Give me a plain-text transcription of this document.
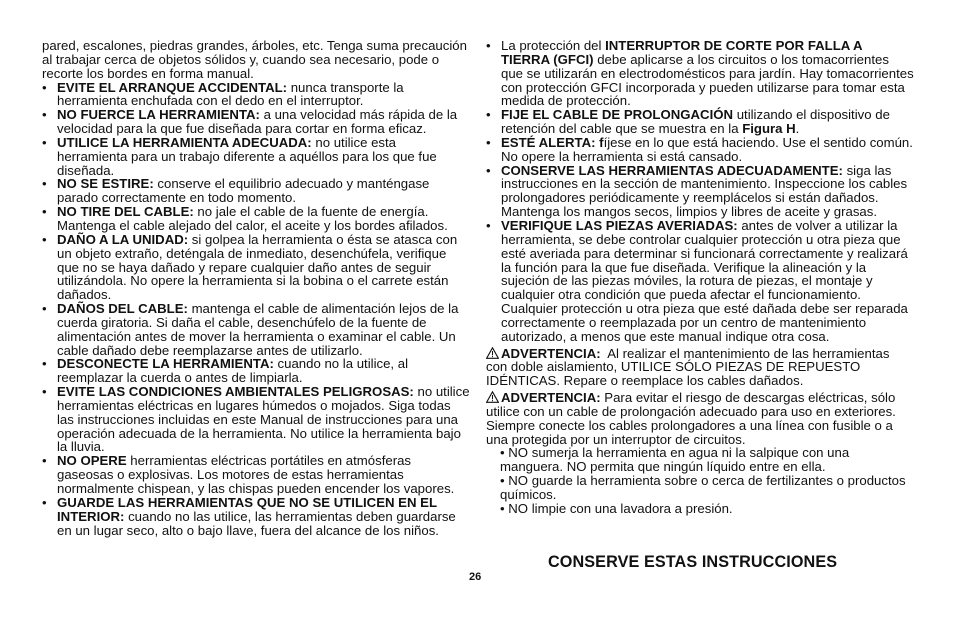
pared, escalones, piedras grandes, árboles, etc. Tenga suma precaución al trabajar cerca de objetos sólidos y, cuando sea necesario, pode o recorte los bordes en forma manual.

• EVITE EL ARRANQUE ACCIDENTAL: nunca transporte la herramienta enchufada con el dedo en el interruptor.
• NO FUERCE LA HERRAMIENTA: a una velocidad más rápida de la velocidad para la que fue diseñada para cortar en forma eficaz.
• UTILICE LA HERRAMIENTA ADECUADA: no utilice esta herramienta para un trabajo diferente a aquéllos para los que fue diseñada.
• NO SE ESTIRE: conserve el equilibrio adecuado y manténgase parado correctamente en todo momento.
• NO TIRE DEL CABLE: no jale el cable de la fuente de energía. Mantenga el cable alejado del calor, el aceite y los bordes afilados.
• DAÑO A LA UNIDAD: si golpea la herramienta o ésta se atasca con un objeto extraño, deténgala de inmediato, desenchúfela, verifique que no se haya dañado y repare cualquier daño antes de seguir utilizándola. No opere la herramienta si la bobina o el carrete están dañados.
• DAÑOS DEL CABLE: mantenga el cable de alimentación lejos de la cuerda giratoria. Si daña el cable, desenchúfelo de la fuente de alimentación antes de mover la herramienta o examinar el cable. Un cable dañado debe reemplazarse antes de utilizarlo.
• DESCONECTE LA HERRAMIENTA: cuando no la utilice, al reemplazar la cuerda o antes de limpiarla.
• EVITE LAS CONDICIONES AMBIENTALES PELIGROSAS: no utilice herramientas eléctricas en lugares húmedos o mojados. Siga todas las instrucciones incluidas en este Manual de instrucciones para una operación adecuada de la herramienta. No utilice la herramienta bajo la lluvia.
• NO OPERE herramientas eléctricas portátiles en atmósferas gaseosas o explosivas. Los motores de estas herramientas normalmente chispean, y las chispas pueden encender los vapores.
• GUARDE LAS HERRAMIENTAS QUE NO SE UTILICEN EN EL INTERIOR: cuando no las utilice, las herramientas deben guardarse en un lugar seco, alto o bajo llave, fuera del alcance de los niños.
• La protección del INTERRUPTOR DE CORTE POR FALLA A TIERRA (GFCI) debe aplicarse a los circuitos o los tomacorrientes que se utilizarán en electrodomésticos para jardín. Hay tomacorrientes con protección GFCI incorporada y pueden utilizarse para tomar esta medida de protección.
• FIJE EL CABLE DE PROLONGACIÓN utilizando el dispositivo de retención del cable que se muestra en la Figura H.
• ESTÉ ALERTA: fíjese en lo que está haciendo. Use el sentido común. No opere la herramienta si está cansado.
• CONSERVE LAS HERRAMIENTAS ADECUADAMENTE: siga las instrucciones en la sección de mantenimiento. Inspeccione los cables prolongadores periódicamente y reemplácelos si están dañados. Mantenga los mangos secos, limpios y libres de aceite y grasas.
• VERIFIQUE LAS PIEZAS AVERIADAS: antes de volver a utilizar la herramienta, se debe controlar cualquier protección u otra pieza que esté averiada para determinar si funcionará correctamente y realizará la función para la que fue diseñada. Verifique la alineación y la sujeción de las piezas móviles, la rotura de piezas, el montaje y cualquier otra condición que pueda afectar el funcionamiento. Cualquier protección u otra pieza que esté dañada debe ser reparada correctamente o reemplazada por un centro de mantenimiento autorizado, a menos que este manual indique otra cosa.

ADVERTENCIA:  Al realizar el mantenimiento de las herramientas con doble aislamiento, UTILICE SÓLO PIEZAS DE REPUESTO IDÉNTICAS. Repare o reemplace los cables dañados.

ADVERTENCIA: Para evitar el riesgo de descargas eléctricas, sólo utilice con un cable de prolongación adecuado para uso en exteriores. Siempre conecte los cables prolongadores a una línea con fusible o a una protegida por un interruptor de circuitos.

• NO sumerja la herramienta en agua ni la salpique con una manguera. NO permita que ningún líquido entre en ella.

• NO guarde la herramienta sobre o cerca de fertilizantes o productos químicos.

• NO limpie con una lavadora a presión.

CONSERVE ESTAS INSTRUCCIONES
26
